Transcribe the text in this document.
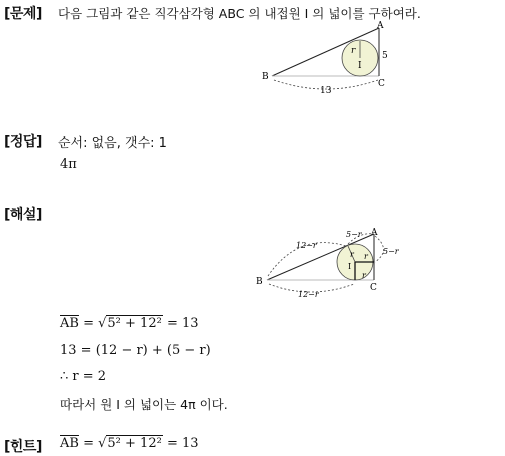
[문제] 다음 그림과 같은 직각삼각형 ABC 의 내접원 I 의 넓이를 구하여라.
r
I
A
B
C
5
13
[정답] 순서: 없음, 갯수: 1
4π
[해설]
r r
r
I
A
B
C
12−r
5−r
5−r
12−r
$\overline{AB} = √5^2 + 12^2 = 13$
13 = (12 − r) + (5 − r)
∴ r = 2
따라서 원 I 의 넓이는 4π 이다.
[힌트] $\overline{AB} = √5^2 + 12^2 = 13$
